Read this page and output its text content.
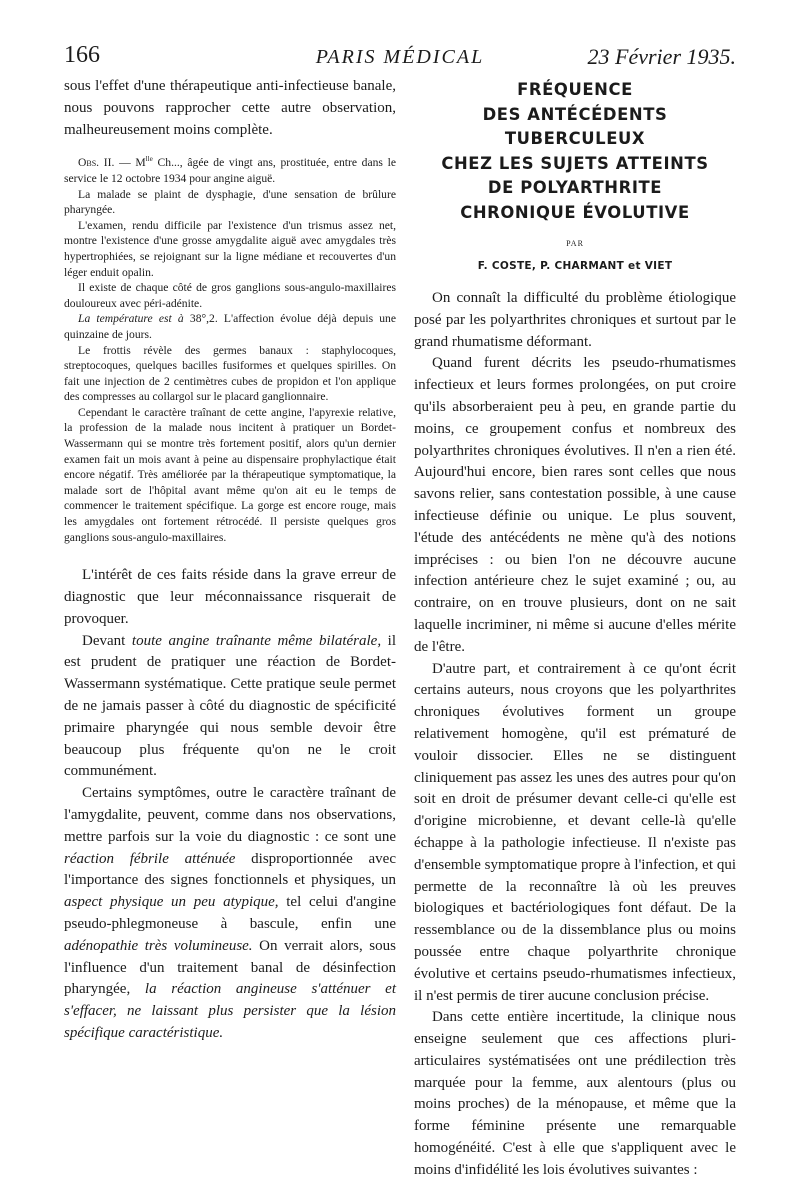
166	PARIS MÉDICAL	23 Février 1935.

sous l'effet d'une thérapeutique anti-infectieuse banale, nous pouvons rapprocher cette autre observation, malheureusement moins complète.

Obs. II. — $M^{lle}$ Ch..., âgée de vingt ans, prostituée, entre dans le service le 12 octobre 1934 pour angine aiguë.

La malade se plaint de dysphagie, d'une sensation de brûlure pharyngée.

L'examen, rendu difficile par l'existence d'un trismus assez net, montre l'existence d'une grosse amygdalite aiguë avec amygdales très hypertrophiées, se rejoignant sur la ligne médiane et recouvertes d'un léger enduit opalin.

Il existe de chaque côté de gros ganglions sous-angulo-maxillaires douloureux avec péri-adénite.

La température est à 38°,2. L'affection évolue déjà depuis une quinzaine de jours.

Le frottis révèle des germes banaux : staphylocoques, streptocoques, quelques bacilles fusiformes et quelques spirilles. On fait une injection de 2 centimètres cubes de propidon et l'on applique des compresses au collargol sur le placard ganglionnaire.

Cependant le caractère traînant de cette angine, l'apyrexie relative, la profession de la malade nous incitent à pratiquer un Bordet-Wassermann qui se montre très fortement positif, alors qu'un dernier examen fait un mois avant à peine au dispensaire prophylactique était encore négatif. Très améliorée par la thérapeutique symptomatique, la malade sort de l'hôpital avant même qu'on ait eu le temps de commencer le traitement spécifique. La gorge est encore rouge, mais les amygdales ont fortement rétrocédé. Il persiste quelques gros ganglions sous-angulo-maxillaires.

L'intérêt de ces faits réside dans la grave erreur de diagnostic que leur méconnaissance risquerait de provoquer.

Devant toute angine traînante même bilatérale, il est prudent de pratiquer une réaction de Bordet-Wassermann systématique. Cette pratique seule permet de ne jamais passer à côté du diagnostic de spécificité primaire pharyngée qui nous semble devoir être beaucoup plus fréquente qu'on ne le croit communément.

Certains symptômes, outre le caractère traînant de l'amygdalite, peuvent, comme dans nos observations, mettre parfois sur la voie du diagnostic : ce sont une réaction fébrile atténuée disproportionnée avec l'importance des signes fonctionnels et physiques, un aspect physique un peu atypique, tel celui d'angine pseudo-phlegmoneuse à bascule, enfin une adénopathie très volumineuse. On verrait alors, sous l'influence d'un traitement banal de désinfection pharyngée, la réaction angineuse s'atténuer et s'effacer, ne laissant plus persister que la lésion spécifique caractéristique.

FRÉQUENCE
DES ANTÉCÉDENTS
TUBERCULEUX
CHEZ LES SUJETS ATTEINTS
DE POLYARTHRITE
CHRONIQUE ÉVOLUTIVE
PAR
F. COSTE, P. CHARMANT et VIET

On connaît la difficulté du problème étiologique posé par les polyarthrites chroniques et surtout par le grand rhumatisme déformant.

Quand furent décrits les pseudo-rhumatismes infectieux et leurs formes prolongées, on put croire qu'ils absorberaient peu à peu, en grande partie du moins, ce groupement confus et nombreux des polyarthrites chroniques évolutives. Il n'en a rien été. Aujourd'hui encore, bien rares sont celles que nous savons relier, sans contestation possible, à une cause infectieuse définie ou unique. Le plus souvent, l'étude des antécédents ne mène qu'à des notions imprécises : ou bien l'on ne découvre aucune infection antérieure chez le sujet examiné ; ou, au contraire, on en trouve plusieurs, dont on ne sait laquelle incriminer, ni même si aucune d'elles mérite de l'être.

D'autre part, et contrairement à ce qu'ont écrit certains auteurs, nous croyons que les polyarthrites chroniques évolutives forment un groupe relativement homogène, qu'il est prématuré de vouloir dissocier. Elles ne se distinguent cliniquement pas assez les unes des autres pour qu'on soit en droit de présumer devant celle-ci qu'elle est d'origine microbienne, et devant celle-là qu'elle échappe à la pathologie infectieuse. Il n'existe pas d'ensemble symptomatique propre à l'infection, et qui permette de la reconnaître là où les preuves biologiques et bactériologiques font défaut. De la ressemblance ou de la dissemblance plus ou moins poussée entre chaque polyarthrite chronique évolutive et certains pseudo-rhumatismes infectieux, il n'est permis de tirer aucune conclusion précise.

Dans cette entière incertitude, la clinique nous enseigne seulement que ces affections pluri-articulaires systématisées ont une prédilection très marquée pour la femme, aux alentours (plus ou moins proches) de la ménopause, et même que la forme féminine présente une remarquable homogénéité. C'est à elle que s'appliquent avec le moins d'infidélité les lois évolutives suivantes :
